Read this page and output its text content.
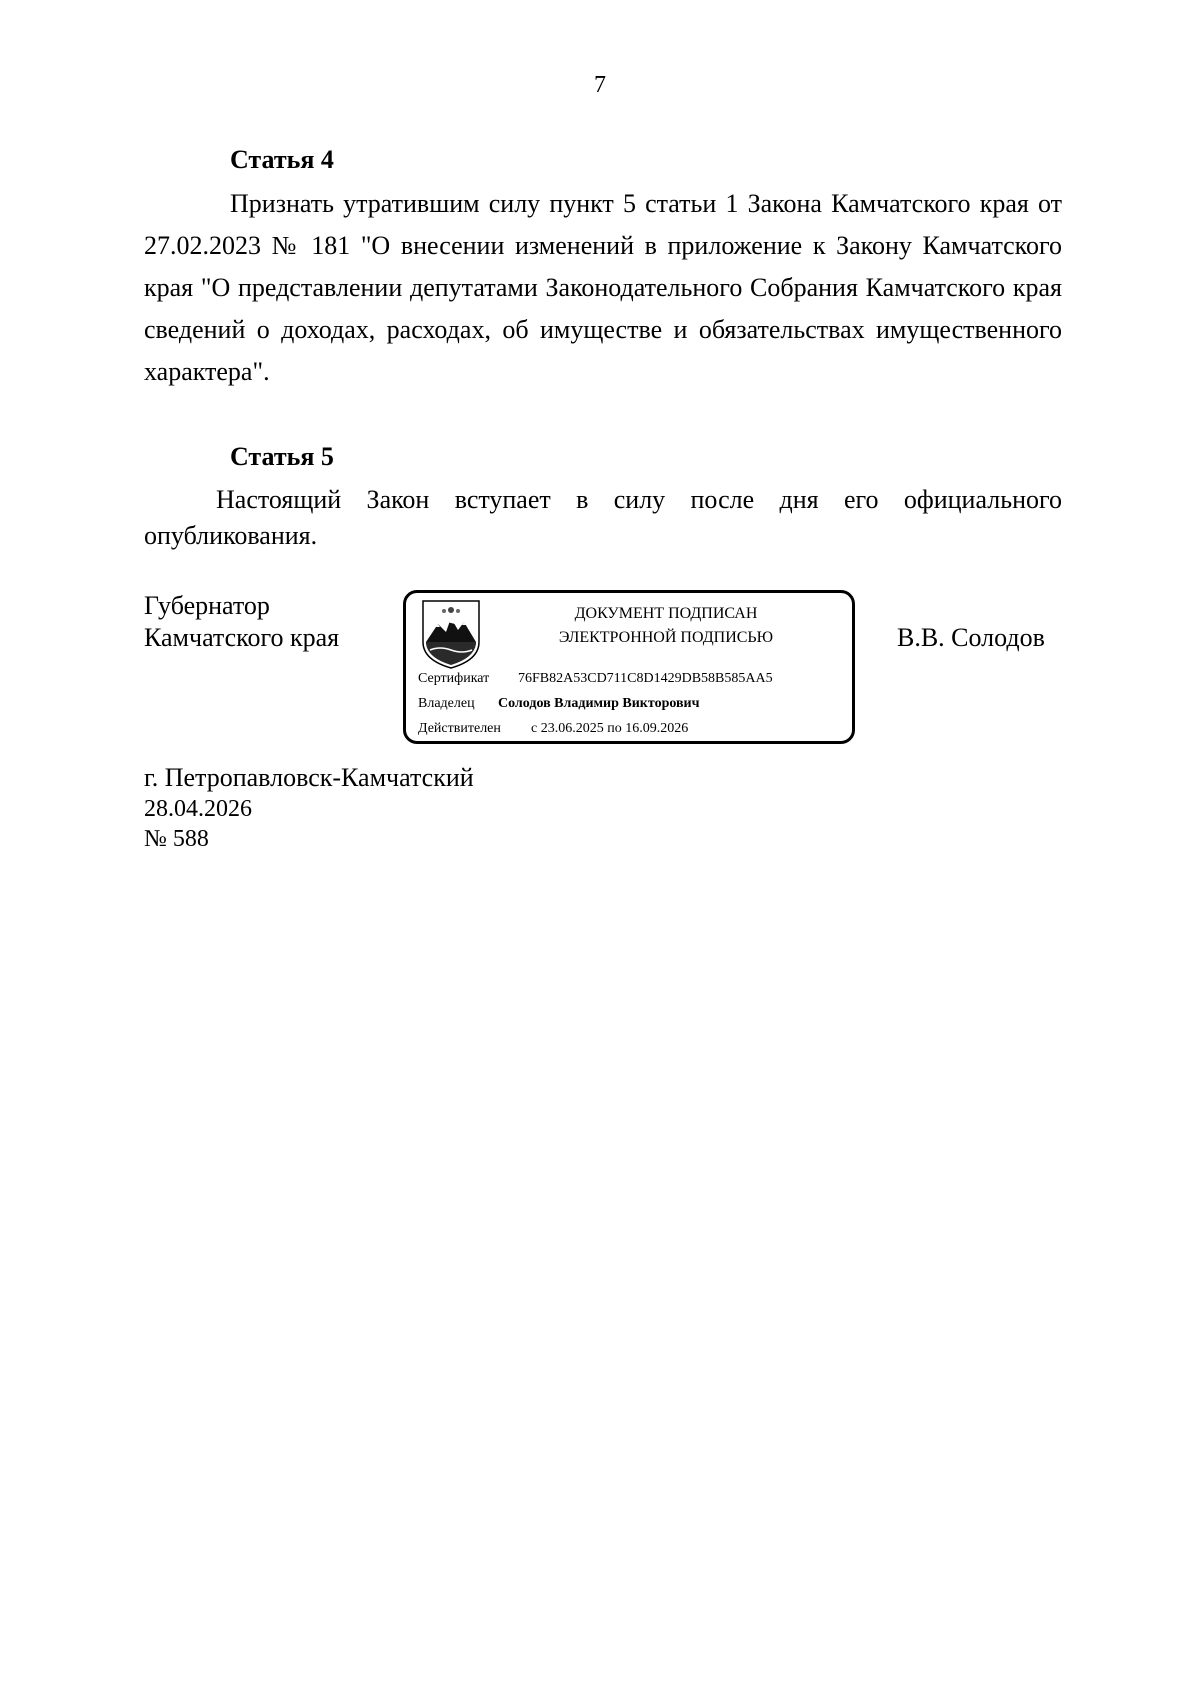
7
Статья 4
Признать утратившим силу пункт 5 статьи 1 Закона Камчатского края от 27.02.2023 № 181 "О внесении изменений в приложение к Закону Камчатского края "О представлении депутатами Законодательного Собрания Камчатского края сведений о доходах, расходах, об имуществе и обязательствах имущественного характера".
Статья 5
Настоящий Закон вступает в силу после дня его официального опубликования.
Губернатор
Камчатского края
ДОКУМЕНТ ПОДПИСАН
ЭЛЕКТРОННОЙ ПОДПИСЬЮ
Сертификат 76FB82A53CD711C8D1429DB58B585AA5
Владелец Солодов Владимир Викторович
Действителен с 23.06.2025 по 16.09.2026
В.В. Солодов
г. Петропавловск-Камчатский
28.04.2026
№ 588
